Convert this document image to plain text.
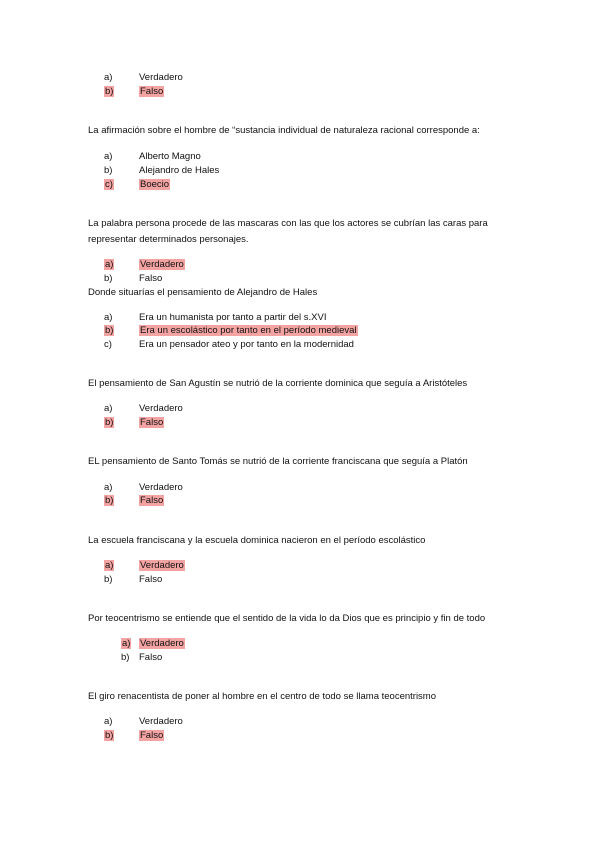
a)	Verdadero
b)	Falso
La afirmación sobre el hombre de “sustancia individual de naturaleza racional corresponde a:
a)	Alberto Magno
b)	Alejandro de Hales
c)	Boecio
La palabra persona procede de las mascaras con las que los actores se cubrían las caras para
representar determinados personajes.
a)	Verdadero
b)	Falso
Donde situarías el pensamiento de Alejandro de Hales
a)	Era un humanista por tanto a partir del s.XVI
b)	Era un escolástico por tanto en el período medieval
c)	Era un pensador ateo y por tanto en la modernidad
El pensamiento de San Agustín se nutrió de la corriente dominica que seguía a Aristóteles
a)	Verdadero
b)	Falso
EL pensamiento de Santo Tomás se nutrió de la corriente franciscana que seguía a Platón
a)	Verdadero
b)	Falso
La escuela franciscana y la escuela dominica nacieron en el período escolástico
a)	Verdadero
b)	Falso
Por teocentrismo se entiende que el sentido de la vida lo da Dios que es principio y fin de todo
a) Verdadero
b) Falso
El giro renacentista de poner al hombre en el centro de todo se llama teocentrismo
a)	Verdadero
b)	Falso
